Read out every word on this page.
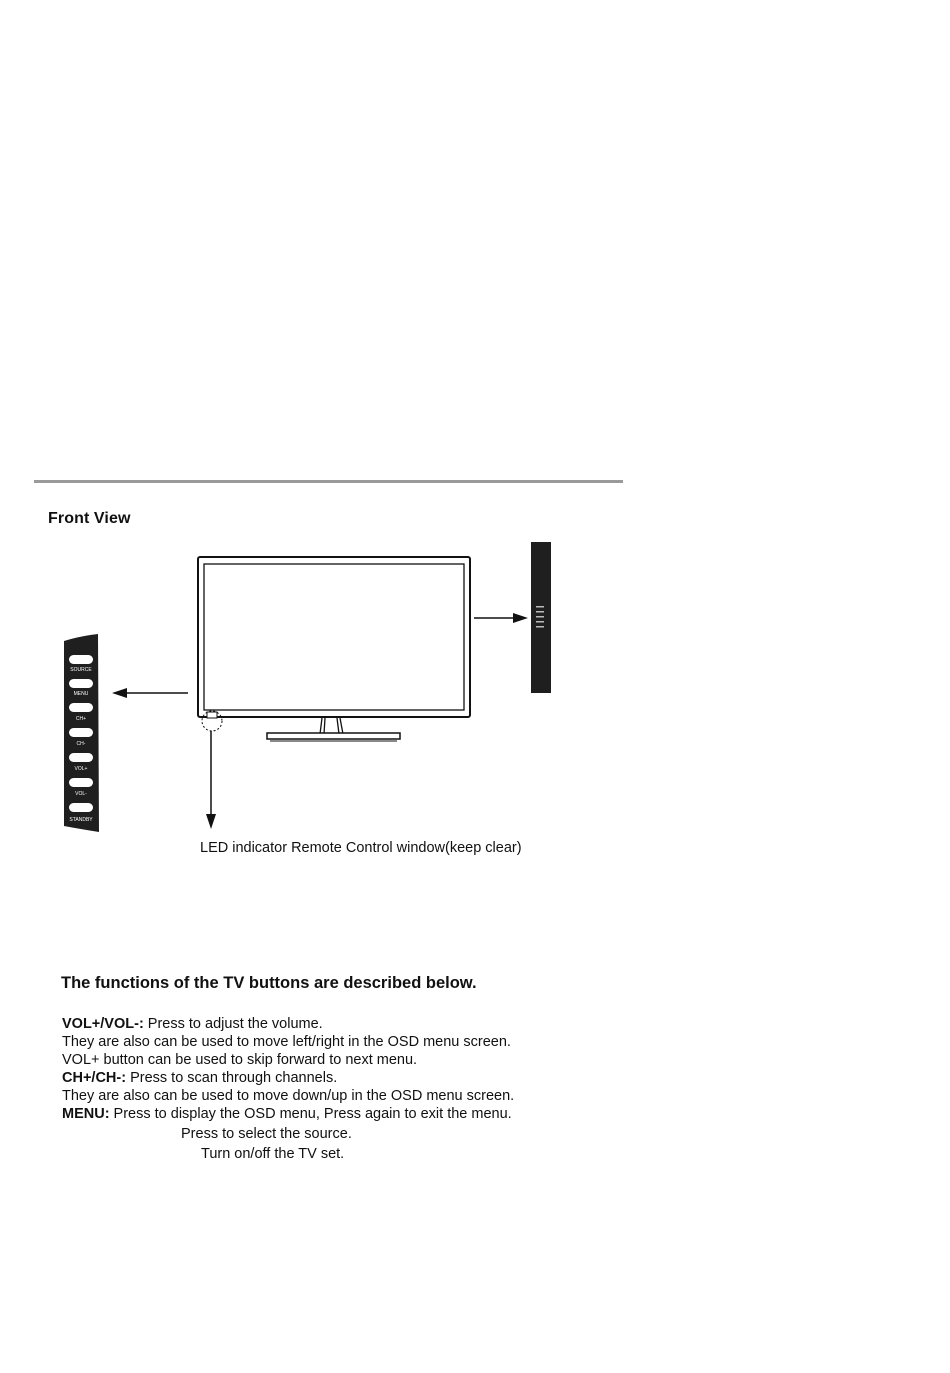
Front View
SOURCE
MENU
CH+
CH-
VOL+
VOL-
STANDBY
LED indicator Remote Control window(keep clear)
The functions of the TV buttons are described below.
VOL+/VOL-: Press to adjust the volume.
They are also can be used to move left/right in the OSD menu screen.
VOL+ button can be used to skip forward to next menu.
CH+/CH-: Press to scan through channels.
They are also can be used to move down/up in the OSD menu screen.
MENU: Press to display the OSD menu, Press again to exit the menu.
Press to select the source.
Turn on/off the TV set.
